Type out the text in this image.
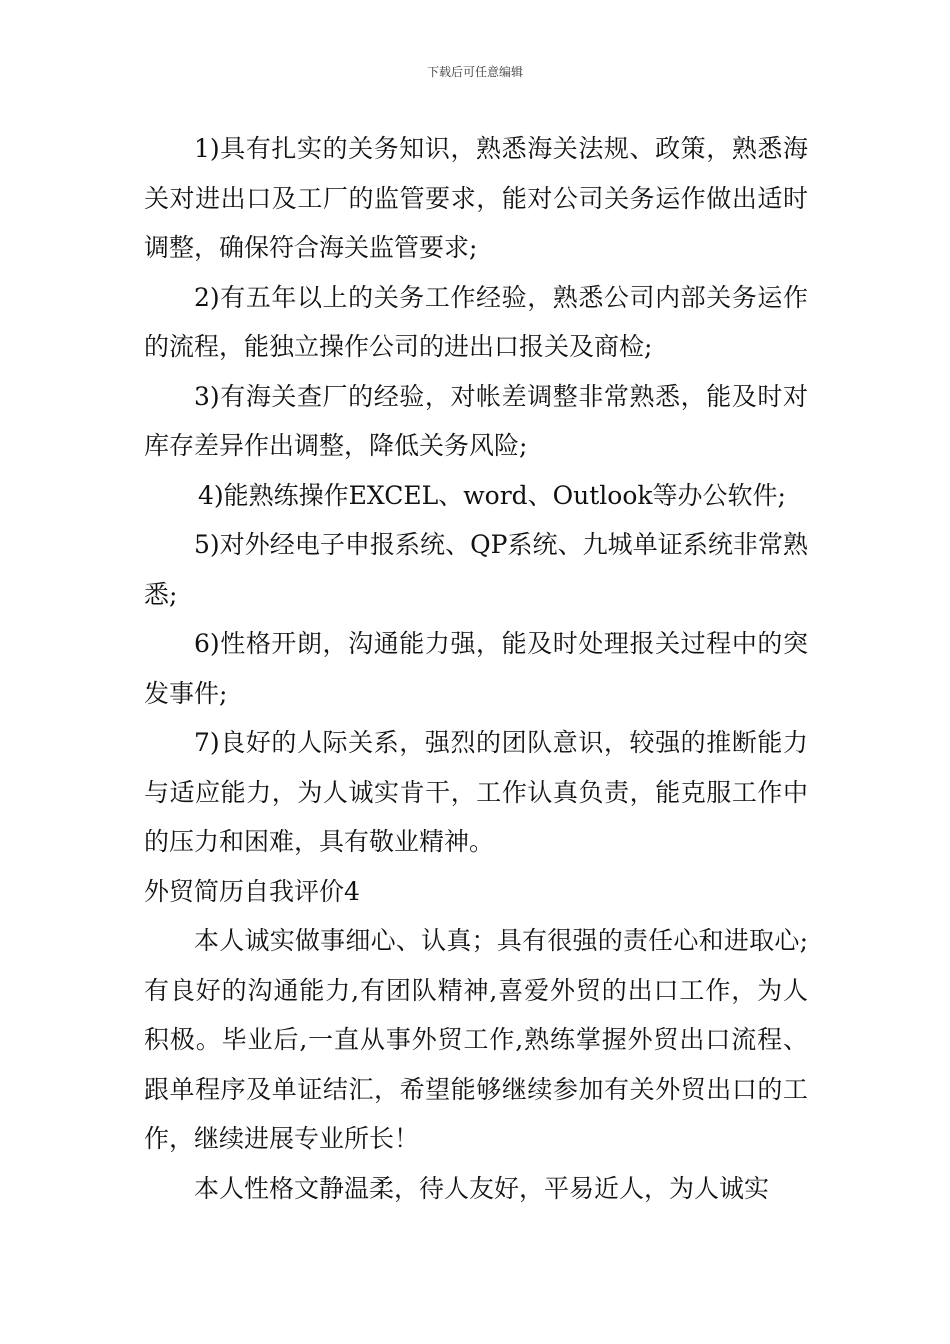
下载后可任意编辑

1)具有扎实的关务知识，熟悉海关法规、政策，熟悉海关对进出口及工厂的监管要求，能对公司关务运作做出适时调整，确保符合海关监管要求;

2)有五年以上的关务工作经验，熟悉公司内部关务运作的流程，能独立操作公司的进出口报关及商检;

3)有海关查厂的经验，对帐差调整非常熟悉，能及时对库存差异作出调整，降低关务风险;

4)能熟练操作EXCEL、word、Outlook等办公软件;

5)对外经电子申报系统、QP系统、九城单证系统非常熟悉;

6)性格开朗，沟通能力强，能及时处理报关过程中的突发事件;

7)良好的人际关系，强烈的团队意识，较强的推断能力与适应能力，为人诚实肯干，工作认真负责，能克服工作中的压力和困难，具有敬业精神。

外贸简历自我评价4

本人诚实做事细心、认真；具有很强的责任心和进取心;有良好的沟通能力,有团队精神,喜爱外贸的出口工作，为人积极。毕业后,一直从事外贸工作,熟练掌握外贸出口流程、跟单程序及单证结汇，希望能够继续参加有关外贸出口的工作，继续进展专业所长！

本人性格文静温柔，待人友好，平易近人，为人诚实
